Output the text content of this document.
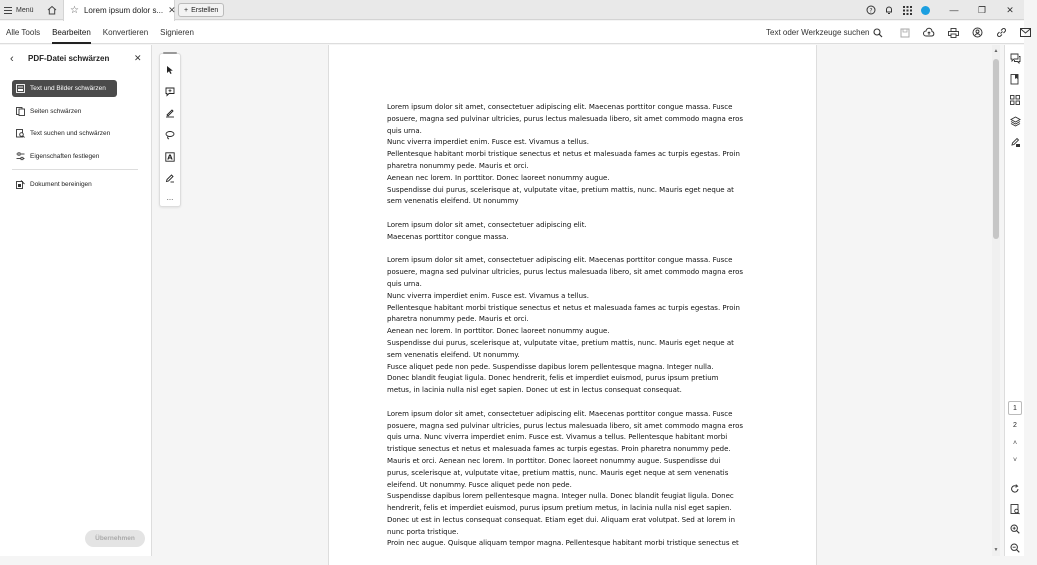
Menü	☆ Lorem ipsum dolor s... ✕ + Erstellen	?	—	❐	✕
Alle Tools Bearbeiten Konvertieren Signieren	Text oder Werkzeuge suchen
‹ PDF-Datei schwärzen	✕
Text und Bilder schwärzen
Seiten schwärzen
Text suchen und schwärzen
Eigenschaften festlegen
Dokument bereinigen
Übernehmen

Lorem ipsum dolor sit amet, consectetuer adipiscing elit. Maecenas porttitor congue massa. Fusce
posuere, magna sed pulvinar ultricies, purus lectus malesuada libero, sit amet commodo magna eros
quis urna.
Nunc viverra imperdiet enim. Fusce est. Vivamus a tellus.
Pellentesque habitant morbi tristique senectus et netus et malesuada fames ac turpis egestas. Proin
pharetra nonummy pede. Mauris et orci.
Aenean nec lorem. In porttitor. Donec laoreet nonummy augue.
Suspendisse dui purus, scelerisque at, vulputate vitae, pretium mattis, nunc. Mauris eget neque at
sem venenatis eleifend. Ut nonummy

Lorem ipsum dolor sit amet, consectetuer adipiscing elit.
Maecenas porttitor congue massa.

Lorem ipsum dolor sit amet, consectetuer adipiscing elit. Maecenas porttitor congue massa. Fusce
posuere, magna sed pulvinar ultricies, purus lectus malesuada libero, sit amet commodo magna eros
quis urna.
Nunc viverra imperdiet enim. Fusce est. Vivamus a tellus.
Pellentesque habitant morbi tristique senectus et netus et malesuada fames ac turpis egestas. Proin
pharetra nonummy pede. Mauris et orci.
Aenean nec lorem. In porttitor. Donec laoreet nonummy augue.
Suspendisse dui purus, scelerisque at, vulputate vitae, pretium mattis, nunc. Mauris eget neque at
sem venenatis eleifend. Ut nonummy.
Fusce aliquet pede non pede. Suspendisse dapibus lorem pellentesque magna. Integer nulla.
Donec blandit feugiat ligula. Donec hendrerit, felis et imperdiet euismod, purus ipsum pretium
metus, in lacinia nulla nisl eget sapien. Donec ut est in lectus consequat consequat.

Lorem ipsum dolor sit amet, consectetuer adipiscing elit. Maecenas porttitor congue massa. Fusce
posuere, magna sed pulvinar ultricies, purus lectus malesuada libero, sit amet commodo magna eros
quis urna. Nunc viverra imperdiet enim. Fusce est. Vivamus a tellus. Pellentesque habitant morbi
tristique senectus et netus et malesuada fames ac turpis egestas. Proin pharetra nonummy pede.
Mauris et orci. Aenean nec lorem. In porttitor. Donec laoreet nonummy augue. Suspendisse dui
purus, scelerisque at, vulputate vitae, pretium mattis, nunc. Mauris eget neque at sem venenatis
eleifend. Ut nonummy. Fusce aliquet pede non pede.
Suspendisse dapibus lorem pellentesque magna. Integer nulla. Donec blandit feugiat ligula. Donec
hendrerit, felis et imperdiet euismod, purus ipsum pretium metus, in lacinia nulla nisl eget sapien.
Donec ut est in lectus consequat consequat. Etiam eget dui. Aliquam erat volutpat. Sed at lorem in
nunc porta tristique.
Proin nec augue. Quisque aliquam tempor magna. Pellentesque habitant morbi tristique senectus et

A
...
▲
▼
1
2
˄
˅
